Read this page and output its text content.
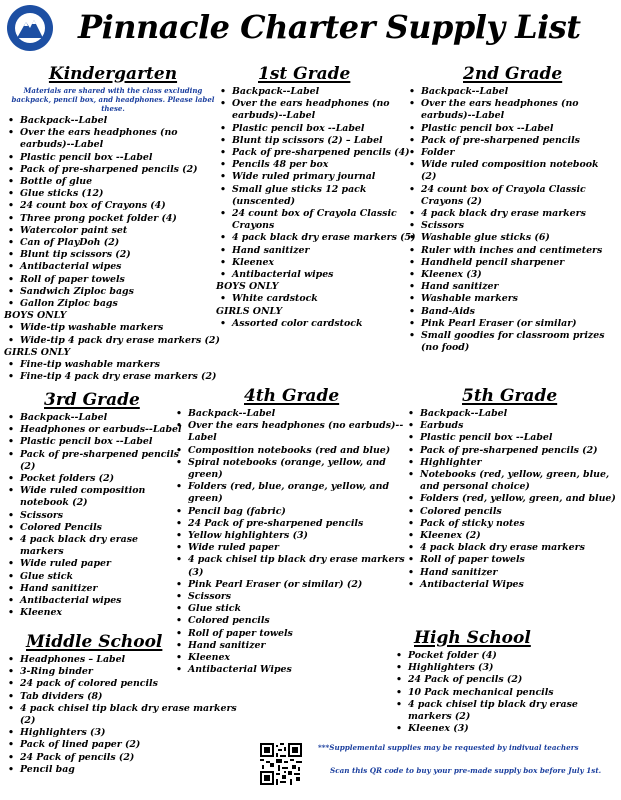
Pinnacle Charter Supply List
Kindergarten
Materials are shared with the class excluding backpack, pencil box, and headphones. Please label these.
• Backpack--Label
• Over the ears headphones (no earbuds)--Label
• Plastic pencil box --Label
• Pack of pre-sharpened pencils (2)
• Bottle of glue
• Glue sticks (12)
• 24 count box of Crayons (4)
• Three prong pocket folder (4)
• Watercolor paint set
• Can of PlayDoh (2)
• Blunt tip scissors (2)
• Antibacterial wipes
• Roll of paper towels
• Sandwich Ziploc bags
• Gallon Ziploc bags
BOYS ONLY
• Wide-tip washable markers
• Wide-tip 4 pack dry erase markers (2)
GIRLS ONLY
• Fine-tip washable markers
• Fine-tip 4 pack dry erase markers (2)
1st Grade
• Backpack--Label
• Over the ears headphones (no earbuds)--Label
• Plastic pencil box --Label
• Blunt tip scissors (2) – Label
• Pack of pre-sharpened pencils (4)
• Pencils 48 per box
• Wide ruled primary journal
• Small glue sticks 12 pack (unscented)
• 24 count box of Crayola Classic Crayons
• 4 pack black dry erase markers (5)
• Hand sanitizer
• Kleenex
• Antibacterial wipes
BOYS ONLY
• White cardstock
GIRLS ONLY
• Assorted color cardstock
2nd Grade
• Backpack--Label
• Over the ears headphones (no earbuds)--Label
• Plastic pencil box --Label
• Pack of pre-sharpened pencils
• Folder
• Wide ruled composition notebook (2)
• 24 count box of Crayola Classic Crayons (2)
• 4 pack black dry erase markers
• Scissors
• Washable glue sticks (6)
• Ruler with inches and centimeters
• Handheld pencil sharpener
• Kleenex (3)
• Hand sanitizer
• Washable markers
• Band-Aids
• Pink Pearl Eraser (or similar)
• Small goodies for classroom prizes (no food)
3rd Grade
• Backpack--Label
• Headphones or earbuds--Label
• Plastic pencil box --Label
• Pack of pre-sharpened pencils (2)
• Pocket folders (2)
• Wide ruled composition notebook (2)
• Scissors
• Colored Pencils
• 4 pack black dry erase markers
• Wide ruled paper
• Glue stick
• Hand sanitizer
• Antibacterial wipes
• Kleenex
4th Grade
• Backpack--Label
• Over the ears headphones (no earbuds)--Label
• Composition notebooks (red and blue)
• Spiral notebooks (orange, yellow, and green)
• Folders (red, blue, orange, yellow, and green)
• Pencil bag (fabric)
• 24 Pack of pre-sharpened pencils
• Yellow highlighters (3)
• Wide ruled paper
• 4 pack chisel tip black dry erase markers (3)
• Pink Pearl Eraser (or similar) (2)
• Scissors
• Glue stick
• Colored pencils
• Roll of paper towels
• Hand sanitizer
• Kleenex
• Antibacterial Wipes
5th Grade
• Backpack--Label
• Earbuds
• Plastic pencil box --Label
• Pack of pre-sharpened pencils (2)
• Highlighter
• Notebooks (red, yellow, green, blue, and personal choice)
• Folders (red, yellow, green, and blue)
• Colored pencils
• Pack of sticky notes
• Kleenex (2)
• 4 pack black dry erase markers
• Roll of paper towels
• Hand sanitizer
• Antibacterial Wipes
Middle School
• Headphones – Label
• 3-Ring binder
• 24 pack of colored pencils
• Tab dividers (8)
• 4 pack chisel tip black dry erase markers (2)
• Highlighters (3)
• Pack of lined paper (2)
• 24 Pack of pencils (2)
• Pencil bag
High School
• Pocket folder (4)
• Highlighters (3)
• 24 Pack of pencils (2)
• 10 Pack mechanical pencils
• 4 pack chisel tip black dry erase markers (2)
• Kleenex (3)
***Supplemental supplies may be requested by indivual teachers
Scan this QR code to buy your pre-made supply box before July 1st.
